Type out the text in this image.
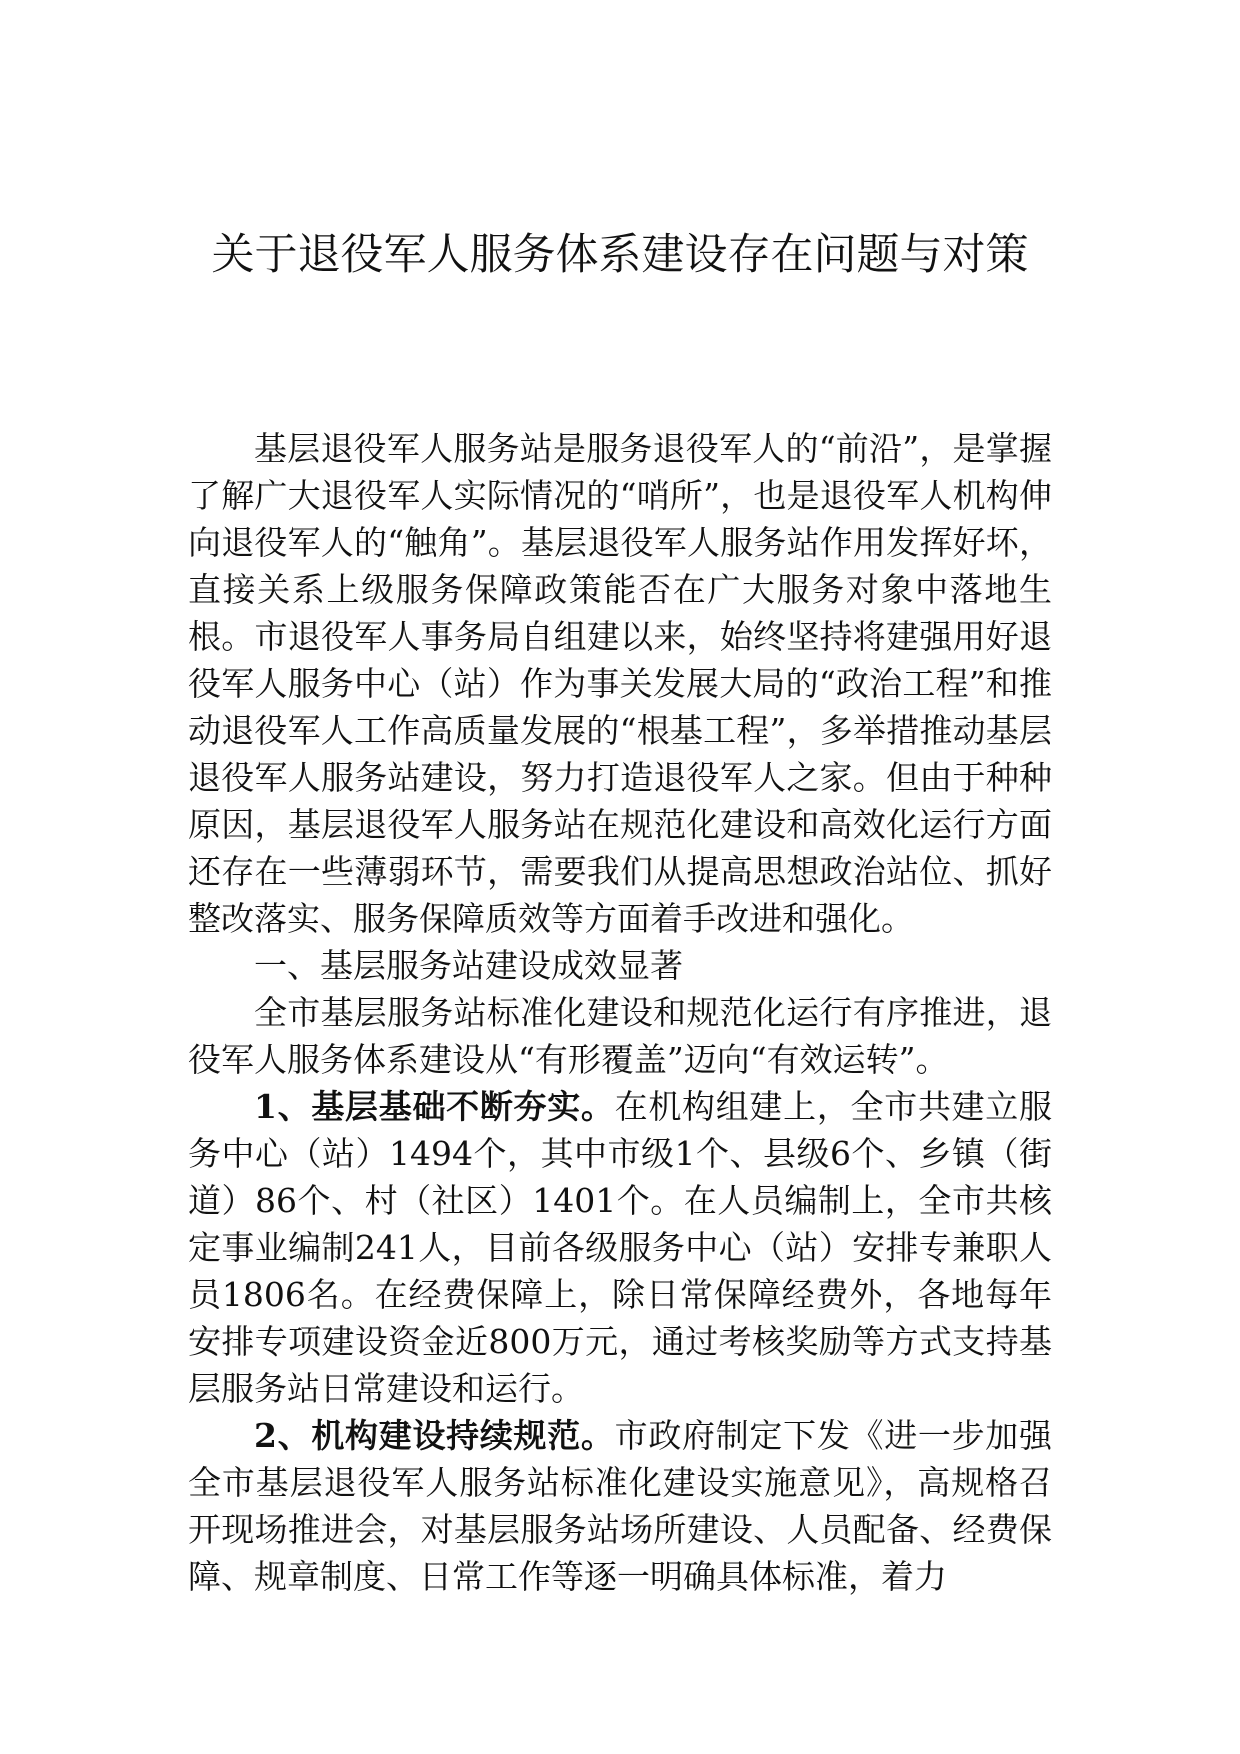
关于退役军人服务体系建设存在问题与对策

基层退役军人服务站是服务退役军人的“前沿”，是掌握了解广大退役军人实际情况的“哨所”，也是退役军人机构伸向退役军人的“触角”。基层退役军人服务站作用发挥好坏，直接关系上级服务保障政策能否在广大服务对象中落地生根。市退役军人事务局自组建以来，始终坚持将建强用好退役军人服务中心（站）作为事关发展大局的“政治工程”和推动退役军人工作高质量发展的“根基工程”，多举措推动基层退役军人服务站建设，努力打造退役军人之家。但由于种种原因，基层退役军人服务站在规范化建设和高效化运行方面还存在一些薄弱环节，需要我们从提高思想政治站位、抓好整改落实、服务保障质效等方面着手改进和强化。

一、基层服务站建设成效显著

全市基层服务站标准化建设和规范化运行有序推进，退役军人服务体系建设从“有形覆盖”迈向“有效运转”。

1、基层基础不断夯实。在机构组建上，全市共建立服务中心（站）1494个，其中市级1个、县级6个、乡镇（街道）86个、村（社区）1401个。在人员编制上，全市共核定事业编制241人，目前各级服务中心（站）安排专兼职人员1806名。在经费保障上，除日常保障经费外，各地每年安排专项建设资金近800万元，通过考核奖励等方式支持基层服务站日常建设和运行。

2、机构建设持续规范。市政府制定下发《进一步加强全市基层退役军人服务站标准化建设实施意见》，高规格召开现场推进会，对基层服务站场所建设、人员配备、经费保障、规章制度、日常工作等逐一明确具体标准，着力
